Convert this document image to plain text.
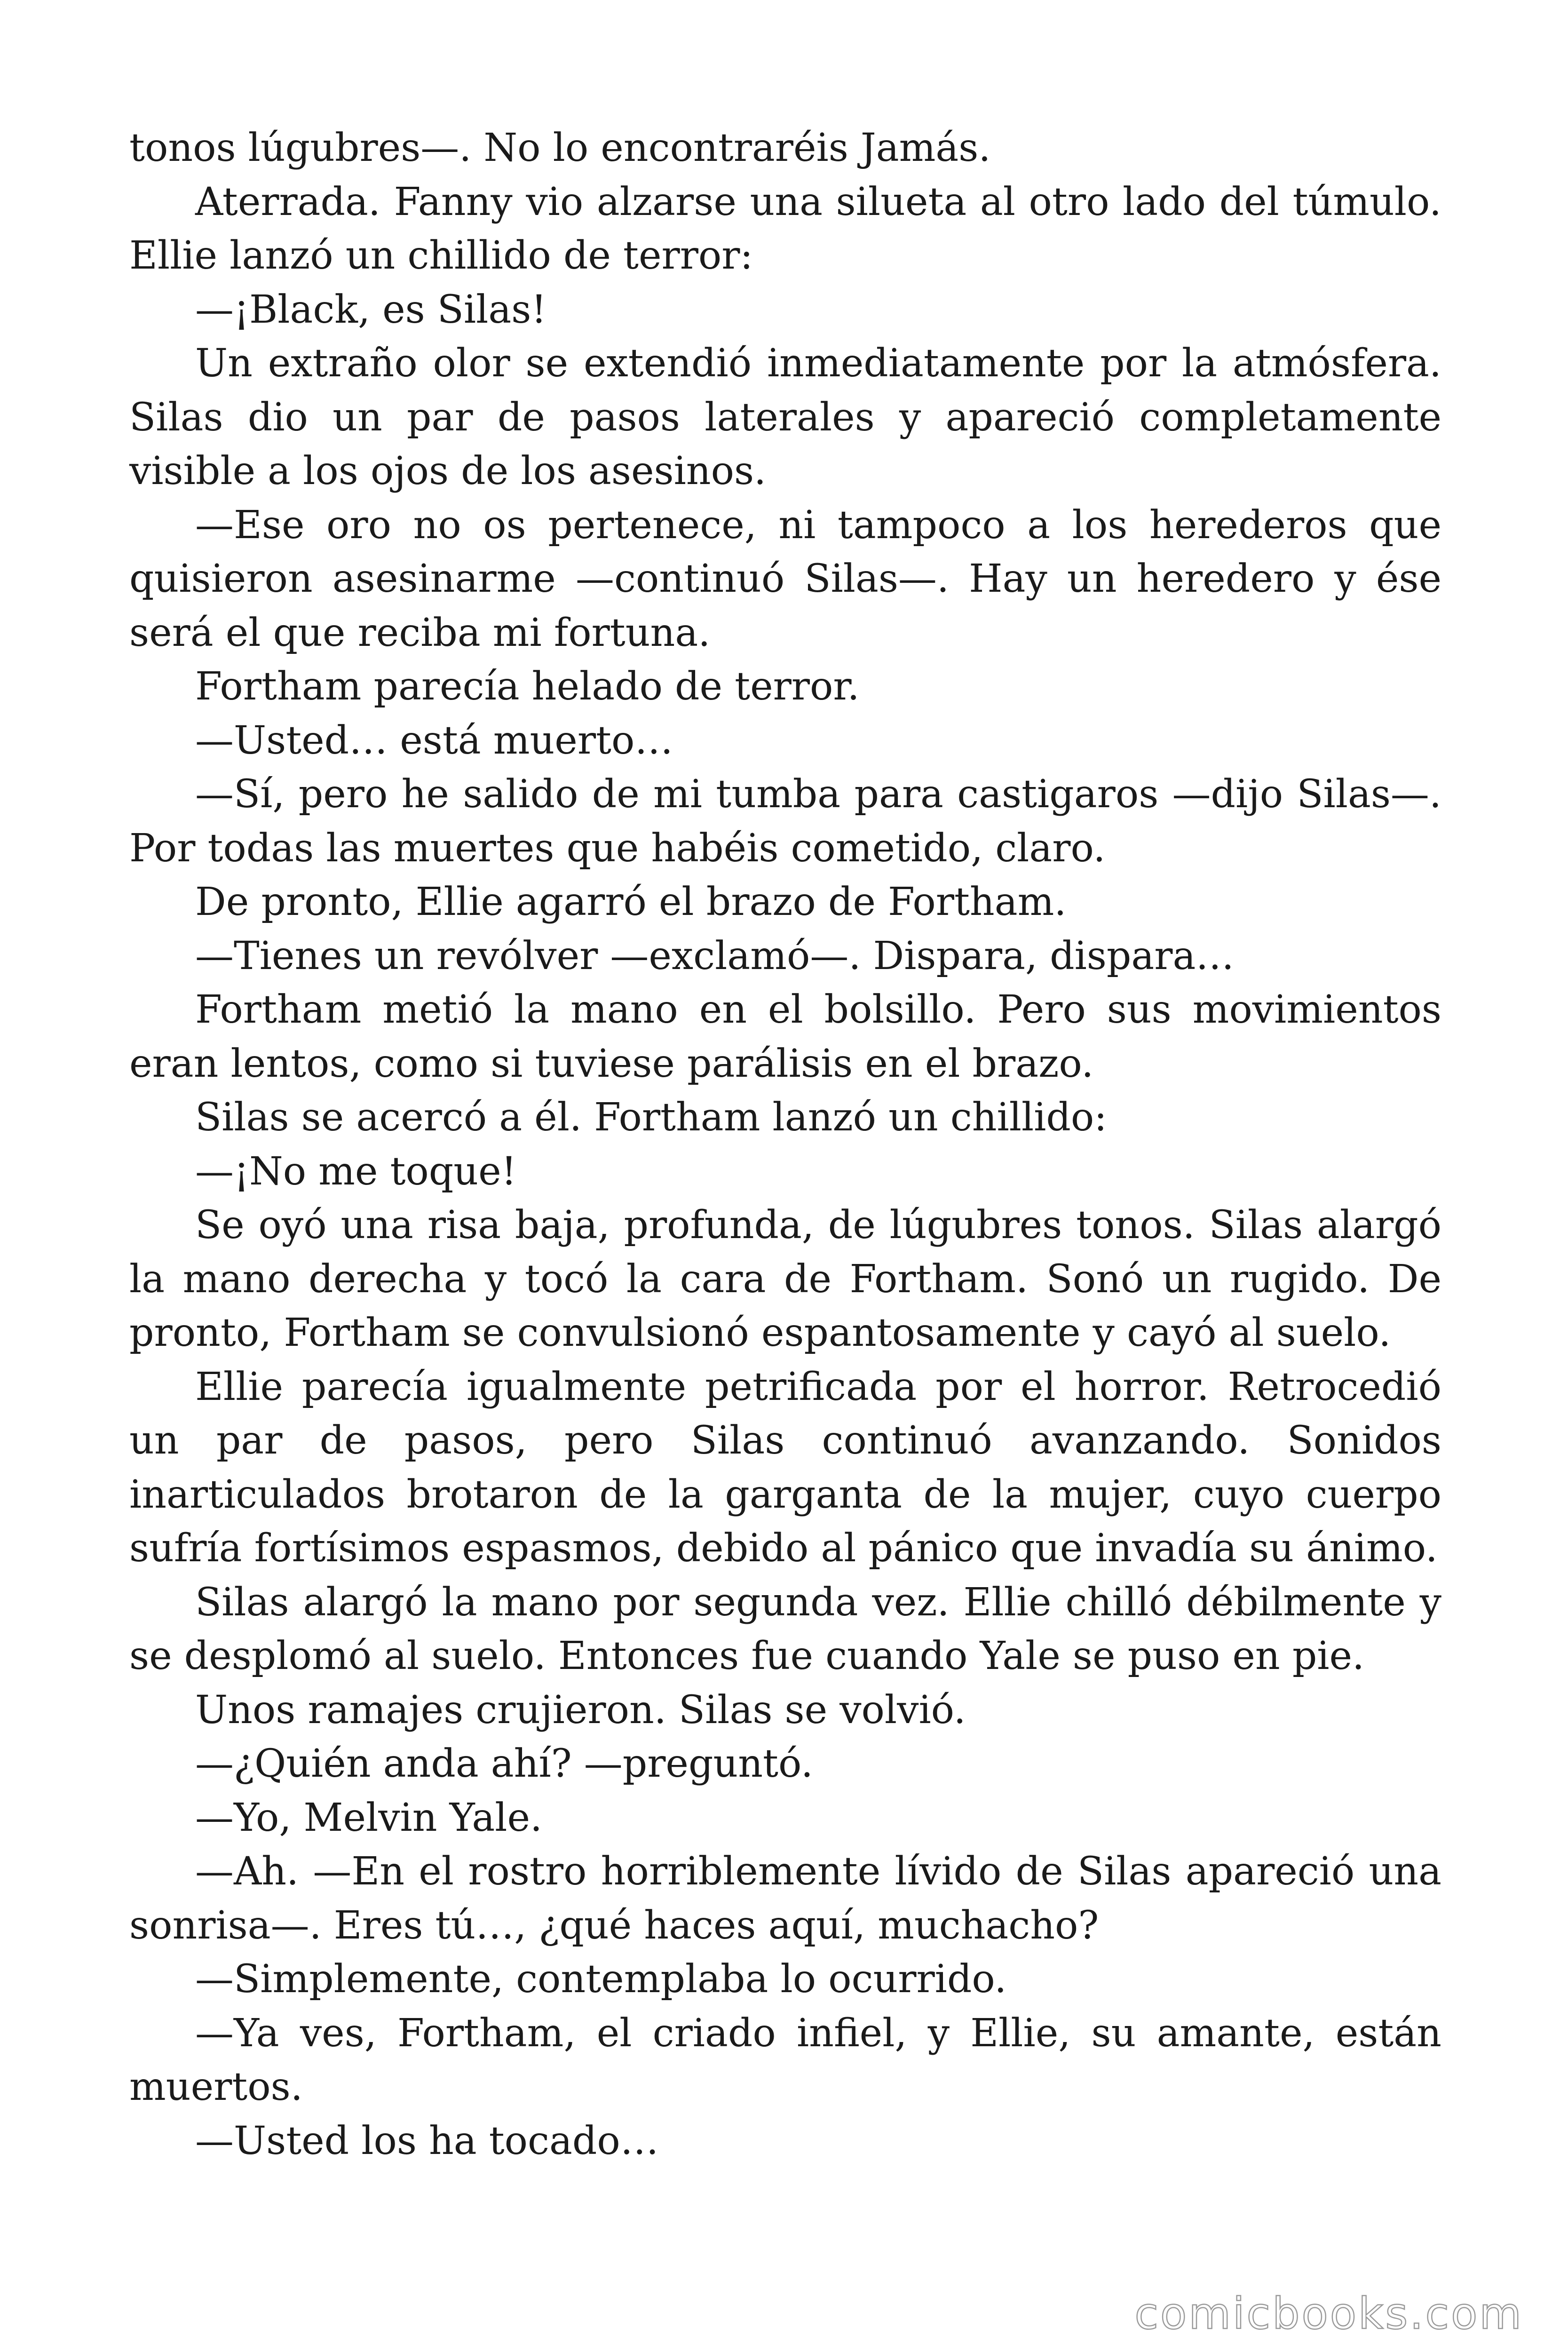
tonos lúgubres—. No lo encontraréis Jamás.

Aterrada. Fanny vio alzarse una silueta al otro lado del túmulo. Ellie lanzó un chillido de terror:

—¡Black, es Silas!

Un extraño olor se extendió inmediatamente por la atmósfera. Silas dio un par de pasos laterales y apareció completamente visible a los ojos de los asesinos.

—Ese oro no os pertenece, ni tampoco a los herederos que quisieron asesinarme —continuó Silas—. Hay un heredero y ése será el que reciba mi fortuna.

Fortham parecía helado de terror.

—Usted… está muerto…

—Sí, pero he salido de mi tumba para castigaros —dijo Silas—. Por todas las muertes que habéis cometido, claro.

De pronto, Ellie agarró el brazo de Fortham.

—Tienes un revólver —exclamó—. Dispara, dispara…

Fortham metió la mano en el bolsillo. Pero sus movimientos eran lentos, como si tuviese parálisis en el brazo.

Silas se acercó a él. Fortham lanzó un chillido:

—¡No me toque!

Se oyó una risa baja, profunda, de lúgubres tonos. Silas alargó la mano derecha y tocó la cara de Fortham. Sonó un rugido. De pronto, Fortham se convulsionó espantosamente y cayó al suelo.

Ellie parecía igualmente petrificada por el horror. Retrocedió un par de pasos, pero Silas continuó avanzando. Sonidos inarticulados brotaron de la garganta de la mujer, cuyo cuerpo sufría fortísimos espasmos, debido al pánico que invadía su ánimo.

Silas alargó la mano por segunda vez. Ellie chilló débilmente y se desplomó al suelo. Entonces fue cuando Yale se puso en pie.

Unos ramajes crujieron. Silas se volvió.

—¿Quién anda ahí? —preguntó.

—Yo, Melvin Yale.

—Ah. —En el rostro horriblemente lívido de Silas apareció una sonrisa—. Eres tú…, ¿qué haces aquí, muchacho?

—Simplemente, contemplaba lo ocurrido.

—Ya ves, Fortham, el criado infiel, y Ellie, su amante, están muertos.

—Usted los ha tocado…

comicbooks.com
